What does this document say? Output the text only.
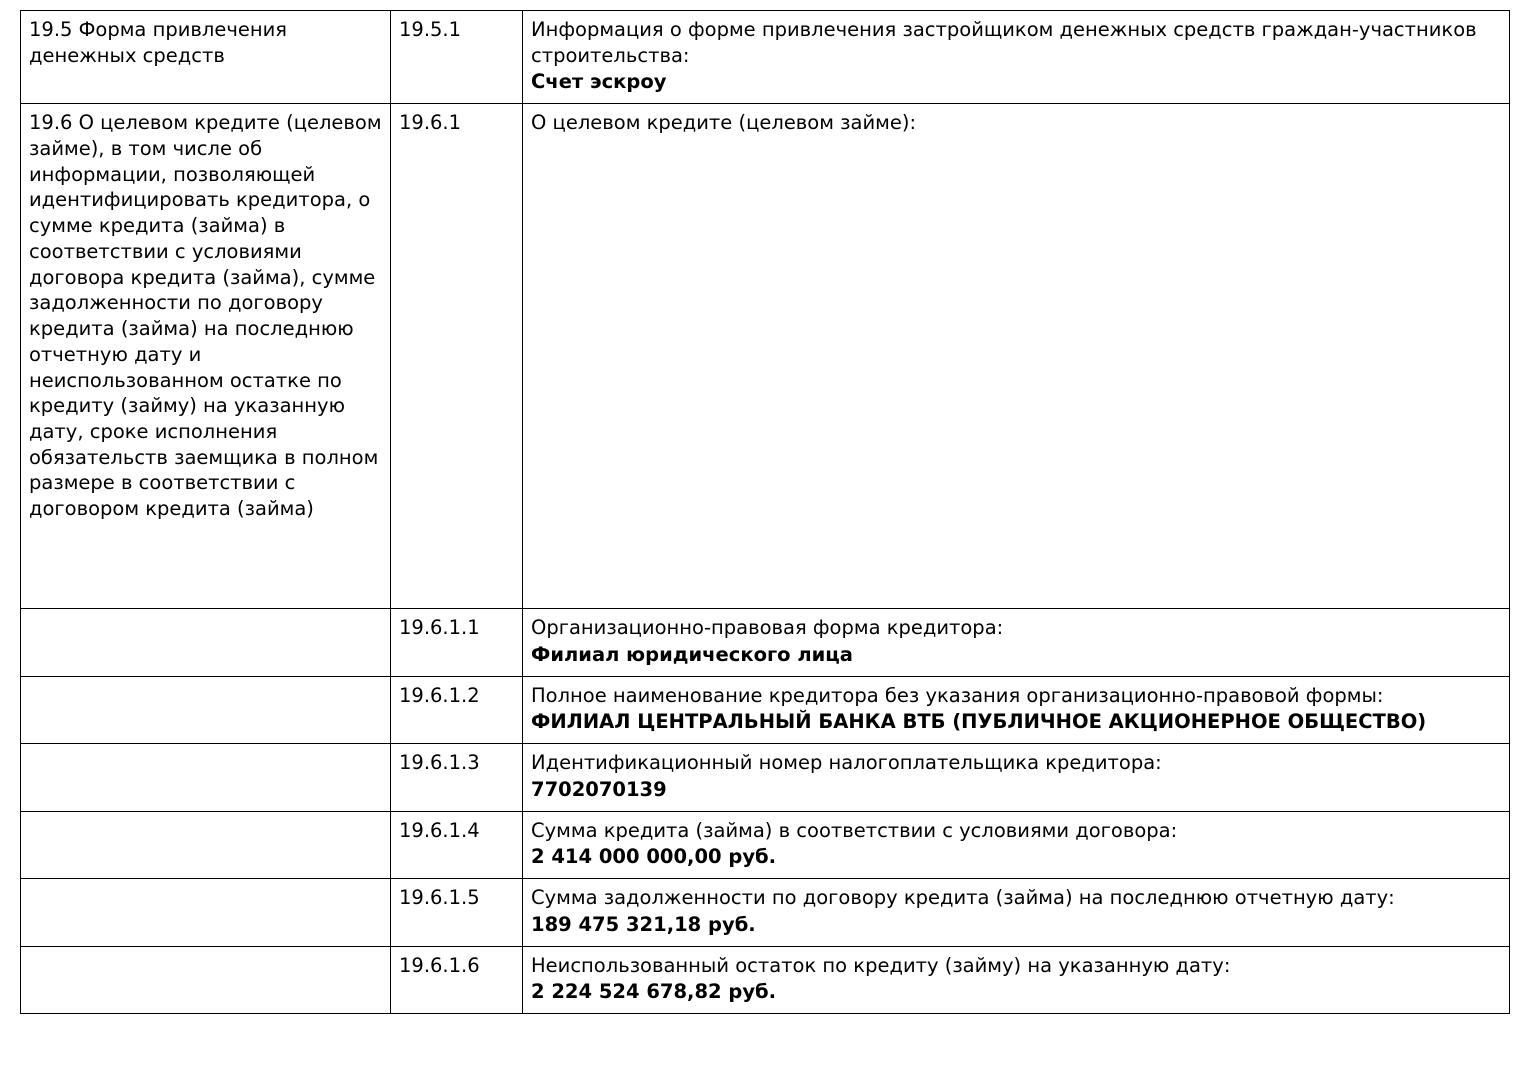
19.5 Форма привлечения денежных средств	19.5.1	Информация о форме привлечения застройщиком денежных средств граждан-участников строительства:
Счет эскроу

19.6 О целевом кредите (целевом займе), в том числе об информации, позволяющей идентифицировать кредитора, о сумме кредита (займа) в соответствии с условиями договора кредита (займа), сумме задолженности по договору кредита (займа) на последнюю отчетную дату и неиспользованном остатке по кредиту (займу) на указанную дату, сроке исполнения обязательств заемщика в полном размере в соответствии с договором кредита (займа)	19.6.1	О целевом кредите (целевом займе):

	19.6.1.1	Организационно-правовая форма кредитора:
Филиал юридического лица

	19.6.1.2	Полное наименование кредитора без указания организационно-правовой формы:
ФИЛИАЛ ЦЕНТРАЛЬНЫЙ БАНКА ВТБ (ПУБЛИЧНОЕ АКЦИОНЕРНОЕ ОБЩЕСТВО)

	19.6.1.3	Идентификационный номер налогоплательщика кредитора:
7702070139

	19.6.1.4	Сумма кредита (займа) в соответствии с условиями договора:
2 414 000 000,00 руб.

	19.6.1.5	Сумма задолженности по договору кредита (займа) на последнюю отчетную дату:
189 475 321,18 руб.

	19.6.1.6	Неиспользованный остаток по кредиту (займу) на указанную дату:
2 224 524 678,82 руб.
